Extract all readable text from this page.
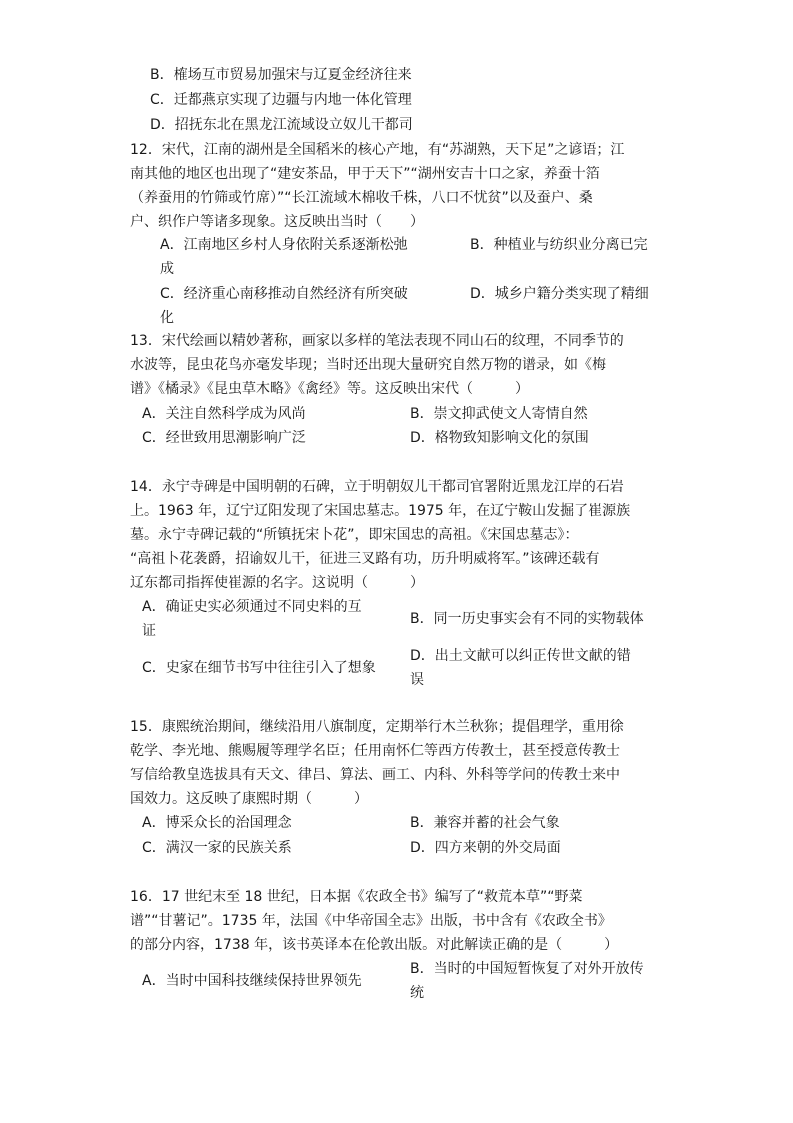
B．榷场互市贸易加强宋与辽夏金经济往来
C．迁都燕京实现了边疆与内地一体化管理
D．招抚东北在黑龙江流域设立奴儿干都司
12．宋代，江南的湖州是全国稻米的核心产地，有“苏湖熟，天下足”之谚语；江
南其他的地区也出现了“建安茶品，甲于天下”“湖州安吉十口之家，养蚕十箔
（养蚕用的竹筛或竹席）”“长江流域木棉收千株，八口不忧贫”以及蚕户、桑
户、织作户等诸多现象。这反映出当时（　　）
A．江南地区乡村人身依附关系逐渐松弛	B．种植业与纺织业分离已完
成
C．经济重心南移推动自然经济有所突破	D．城乡户籍分类实现了精细
化
13．宋代绘画以精妙著称，画家以多样的笔法表现不同山石的纹理，不同季节的
水波等，昆虫花鸟亦毫发毕现；当时还出现大量研究自然万物的谱录，如《梅
谱》《橘录》《昆虫草木略》《禽经》等。这反映出宋代（　　　）
A．关注自然科学成为风尚	B．崇文抑武使文人寄情自然
C．经世致用思潮影响广泛	D．格物致知影响文化的氛围
14．永宁寺碑是中国明朝的石碑，立于明朝奴儿干都司官署附近黑龙江岸的石岩
上。1963 年，辽宁辽阳发现了宋国忠墓志。1975 年，在辽宁鞍山发掘了崔源族
墓。永宁寺碑记载的“所镇抚宋卜花”，即宋国忠的高祖。《宋国忠墓志》：
“高祖卜花袭爵，招谕奴儿干，征进三叉路有功，历升明威将军。”该碑还载有
辽东都司指挥使崔源的名字。这说明（　　　）
A．确证史实必须通过不同史料的互
证
B．同一历史事实会有不同的实物载体
C．史家在细节书写中往往引入了想象
D．出土文献可以纠正传世文献的错
误
15．康熙统治期间，继续沿用八旗制度，定期举行木兰秋狝；提倡理学，重用徐
乾学、李光地、熊赐履等理学名臣；任用南怀仁等西方传教士，甚至授意传教士
写信给教皇选拔具有天文、律吕、算法、画工、内科、外科等学问的传教士来中
国效力。这反映了康熙时期（　　　）
A．博采众长的治国理念	B．兼容并蓄的社会气象
C．满汉一家的民族关系	D．四方来朝的外交局面
16．17 世纪末至 18 世纪，日本据《农政全书》编写了“救荒本草”“野菜
谱”“甘薯记”。1735 年，法国《中华帝国全志》出版，书中含有《农政全书》
的部分内容，1738 年，该书英译本在伦敦出版。对此解读正确的是（　　　）
A．当时中国科技继续保持世界领先
B．当时的中国短暂恢复了对外开放传
统
